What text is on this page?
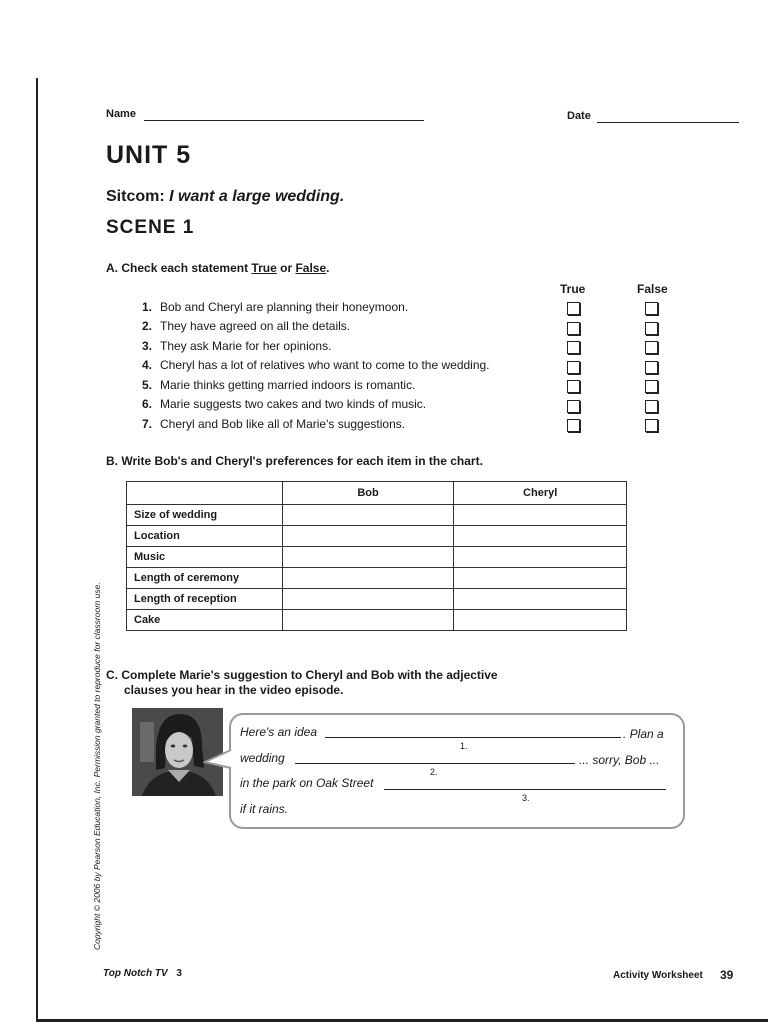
Name	Date
UNIT 5
Sitcom: I want a large wedding.
SCENE 1
A. Check each statement True or False.
True	False
1. Bob and Cheryl are planning their honeymoon.
2. They have agreed on all the details.
3. They ask Marie for her opinions.
4. Cheryl has a lot of relatives who want to come to the wedding.
5. Marie thinks getting married indoors is romantic.
6. Marie suggests two cakes and two kinds of music.
7. Cheryl and Bob like all of Marie's suggestions.
B. Write Bob's and Cheryl's preferences for each item in the chart.
	Bob	Cheryl
Size of wedding		
Location		
Music		
Length of ceremony		
Length of reception		
Cake		
C. Complete Marie's suggestion to Cheryl and Bob with the adjective
clauses you hear in the video episode.
Here's an idea	. Plan a
1.
wedding	... sorry, Bob ...
2.
in the park on Oak Street
3.
if it rains.
Copyright © 2006 by Pearson Education, Inc. Permission granted to reproduce for classroom use.
Top Notch TV 3	Activity Worksheet 39
